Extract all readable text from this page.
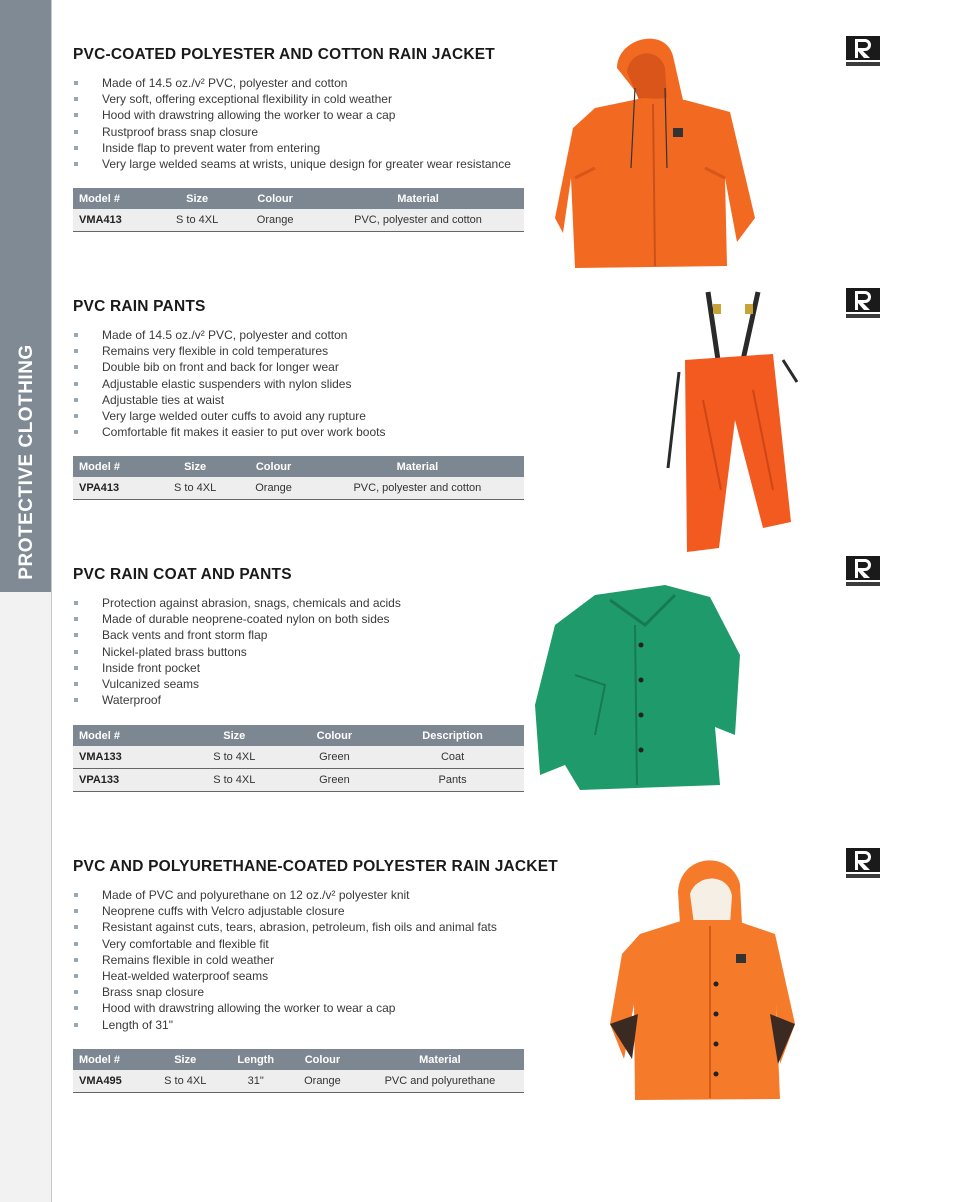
PROTECTIVE CLOTHING
PVC-COATED POLYESTER AND COTTON RAIN JACKET
Made of 14.5 oz./v² PVC, polyester and cotton
Very soft, offering exceptional flexibility in cold weather
Hood with drawstring allowing the worker to wear a cap
Rustproof brass snap closure
Inside flap to prevent water from entering
Very large welded seams at wrists, unique design for greater wear resistance
Model #	Size	Colour	Material
VMA413	S to 4XL	Orange	PVC, polyester and cotton
PVC RAIN PANTS
Made of 14.5 oz./v² PVC, polyester and cotton
Remains very flexible in cold temperatures
Double bib on front and back for longer wear
Adjustable elastic suspenders with nylon slides
Adjustable ties at waist
Very large welded outer cuffs to avoid any rupture
Comfortable fit makes it easier to put over work boots
Model #	Size	Colour	Material
VPA413	S to 4XL	Orange	PVC, polyester and cotton
PVC RAIN COAT AND PANTS
Protection against abrasion, snags, chemicals and acids
Made of durable neoprene-coated nylon on both sides
Back vents and front storm flap
Nickel-plated brass buttons
Inside front pocket
Vulcanized seams
Waterproof
Model #	Size	Colour	Description
VMA133	S to 4XL	Green	Coat
VPA133	S to 4XL	Green	Pants
PVC AND POLYURETHANE-COATED POLYESTER RAIN JACKET
Made of PVC and polyurethane on 12 oz./v² polyester knit
Neoprene cuffs with Velcro adjustable closure
Resistant against cuts, tears, abrasion, petroleum, fish oils and animal fats
Very comfortable and flexible fit
Remains flexible in cold weather
Heat-welded waterproof seams
Brass snap closure
Hood with drawstring allowing the worker to wear a cap
Length of 31"
Model #	Size	Length	Colour	Material
VMA495	S to 4XL	31"	Orange	PVC and polyurethane
